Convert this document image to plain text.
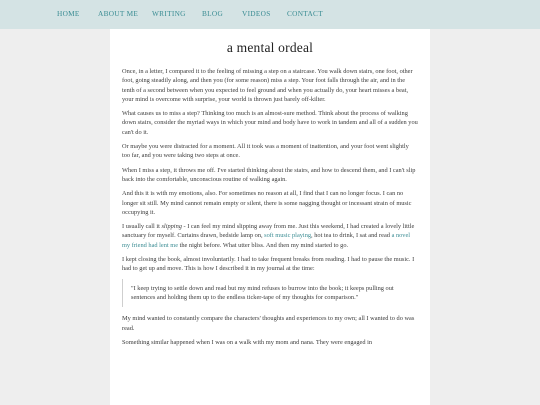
HOME	ABOUT ME WRITING BLOG	VIDEOS CONTACT
a mental ordeal

Once, in a letter, I compared it to the feeling of missing a step on a staircase. You walk down stairs, one foot, other foot, going steadily along, and then you (for some reason) miss a step. Your foot falls through the air, and in the tenth of a second between when you expected to feel ground and when you actually do, your heart misses a beat, your mind is overcome with surprise, your world is thrown just barely off-kilter.

What causes us to miss a step? Thinking too much is an almost-sure method. Think about the process of walking down stairs, consider the myriad ways in which your mind and body have to work in tandem and all of a sudden you can't do it.

Or maybe you were distracted for a moment. All it took was a moment of inattention, and your foot went slightly too far, and you were taking two steps at once.

When I miss a step, it throws me off. I've started thinking about the stairs, and how to descend them, and I can't slip back into the comfortable, unconscious routine of walking again.

And this it is with my emotions, also. For sometimes no reason at all, I find that I can no longer focus. I can no longer sit still. My mind cannot remain empty or silent, there is some nagging thought or incessant strain of music occupying it.

I usually call it slipping - I can feel my mind slipping away from me. Just this weekend, I had created a lovely little sanctuary for myself. Curtains drawn, bedside lamp on, soft music playing, hot tea to drink, I sat and read a novel my friend had lent me the night before. What utter bliss. And then my mind started to go.

I kept closing the book, almost involuntarily. I had to take frequent breaks from reading. I had to pause the music. I had to get up and move. This is how I described it in my journal at the time:

"I keep trying to settle down and read but my mind refuses to burrow into the book; it keeps pulling out sentences and holding them up to the endless ticker-tape of my thoughts for comparison."

My mind wanted to constantly compare the characters' thoughts and experiences to my own; all I wanted to do was read.

Something similar happened when I was on a walk with my mom and nana. They were engaged in
